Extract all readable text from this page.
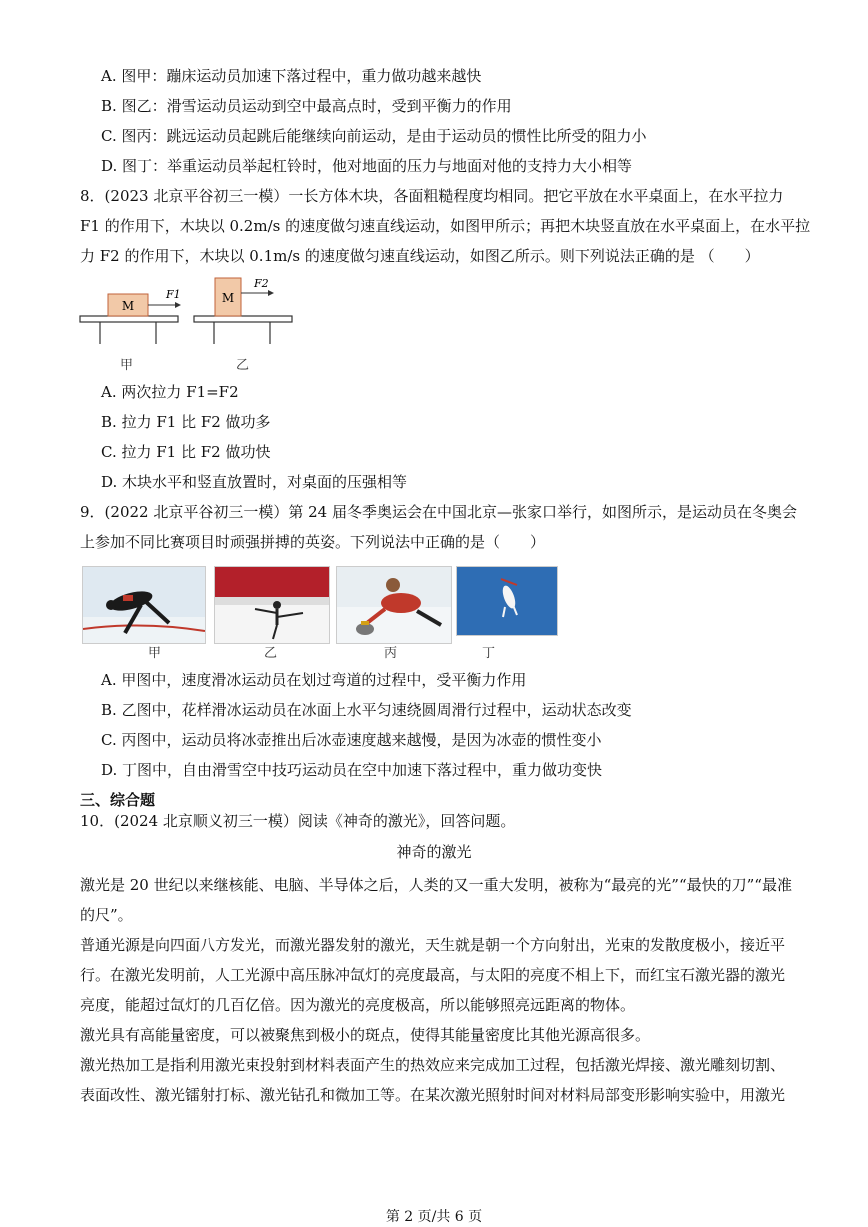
A. 图甲：蹦床运动员加速下落过程中，重力做功越来越快
B. 图乙：滑雪运动员运动到空中最高点时，受到平衡力的作用
C. 图丙：跳远运动员起跳后能继续向前运动，是由于运动员的惯性比所受的阻力小
D. 图丁：举重运动员举起杠铃时，他对地面的压力与地面对他的支持力大小相等
8．(2023 北京平谷初三一模）一长方体木块，各面粗糙程度均相同。把它平放在水平桌面上，在水平拉力
F1 的作用下，木块以 0.2m/s 的速度做匀速直线运动，如图甲所示；再把木块竖直放在水平桌面上，在水平拉
力 F2 的作用下，木块以 0.1m/s 的速度做匀速直线运动，如图乙所示。则下列说法正确的是 （　　）
M
F1	M
F2
甲	乙
A. 两次拉力 F1=F2
B. 拉力 F1 比 F2 做功多
C. 拉力 F1 比 F2 做功快
D. 木块水平和竖直放置时，对桌面的压强相等
9．(2022 北京平谷初三一模）第 24 届冬季奥运会在中国北京—张家口举行，如图所示，是运动员在冬奥会
上参加不同比赛项目时顽强拼搏的英姿。下列说法中正确的是（　　）
甲	乙	丙	丁
A. 甲图中，速度滑冰运动员在划过弯道的过程中，受平衡力作用
B. 乙图中，花样滑冰运动员在冰面上水平匀速绕圆周滑行过程中，运动状态改变
C. 丙图中，运动员将冰壶推出后冰壶速度越来越慢，是因为冰壶的惯性变小
D. 丁图中，自由滑雪空中技巧运动员在空中加速下落过程中，重力做功变快
三、综合题
10．(2024 北京顺义初三一模）阅读《神奇的激光》，回答问题。
神奇的激光
激光是 20 世纪以来继核能、电脑、半导体之后，人类的又一重大发明，被称为“最亮的光”“最快的刀”“最准的尺”。
普通光源是向四面八方发光，而激光器发射的激光，天生就是朝一个方向射出，光束的发散度极小，接近平行。在激光发明前，人工光源中高压脉冲氙灯的亮度最高，与太阳的亮度不相上下，而红宝石激光器的激光亮度，能超过氙灯的几百亿倍。因为激光的亮度极高，所以能够照亮远距离的物体。
激光具有高能量密度，可以被聚焦到极小的斑点，使得其能量密度比其他光源高很多。
激光热加工是指利用激光束投射到材料表面产生的热效应来完成加工过程，包括激光焊接、激光雕刻切割、表面改性、激光镭射打标、激光钻孔和微加工等。在某次激光照射时间对材料局部变形影响实验中，用激光
第 2 页/共 6 页
